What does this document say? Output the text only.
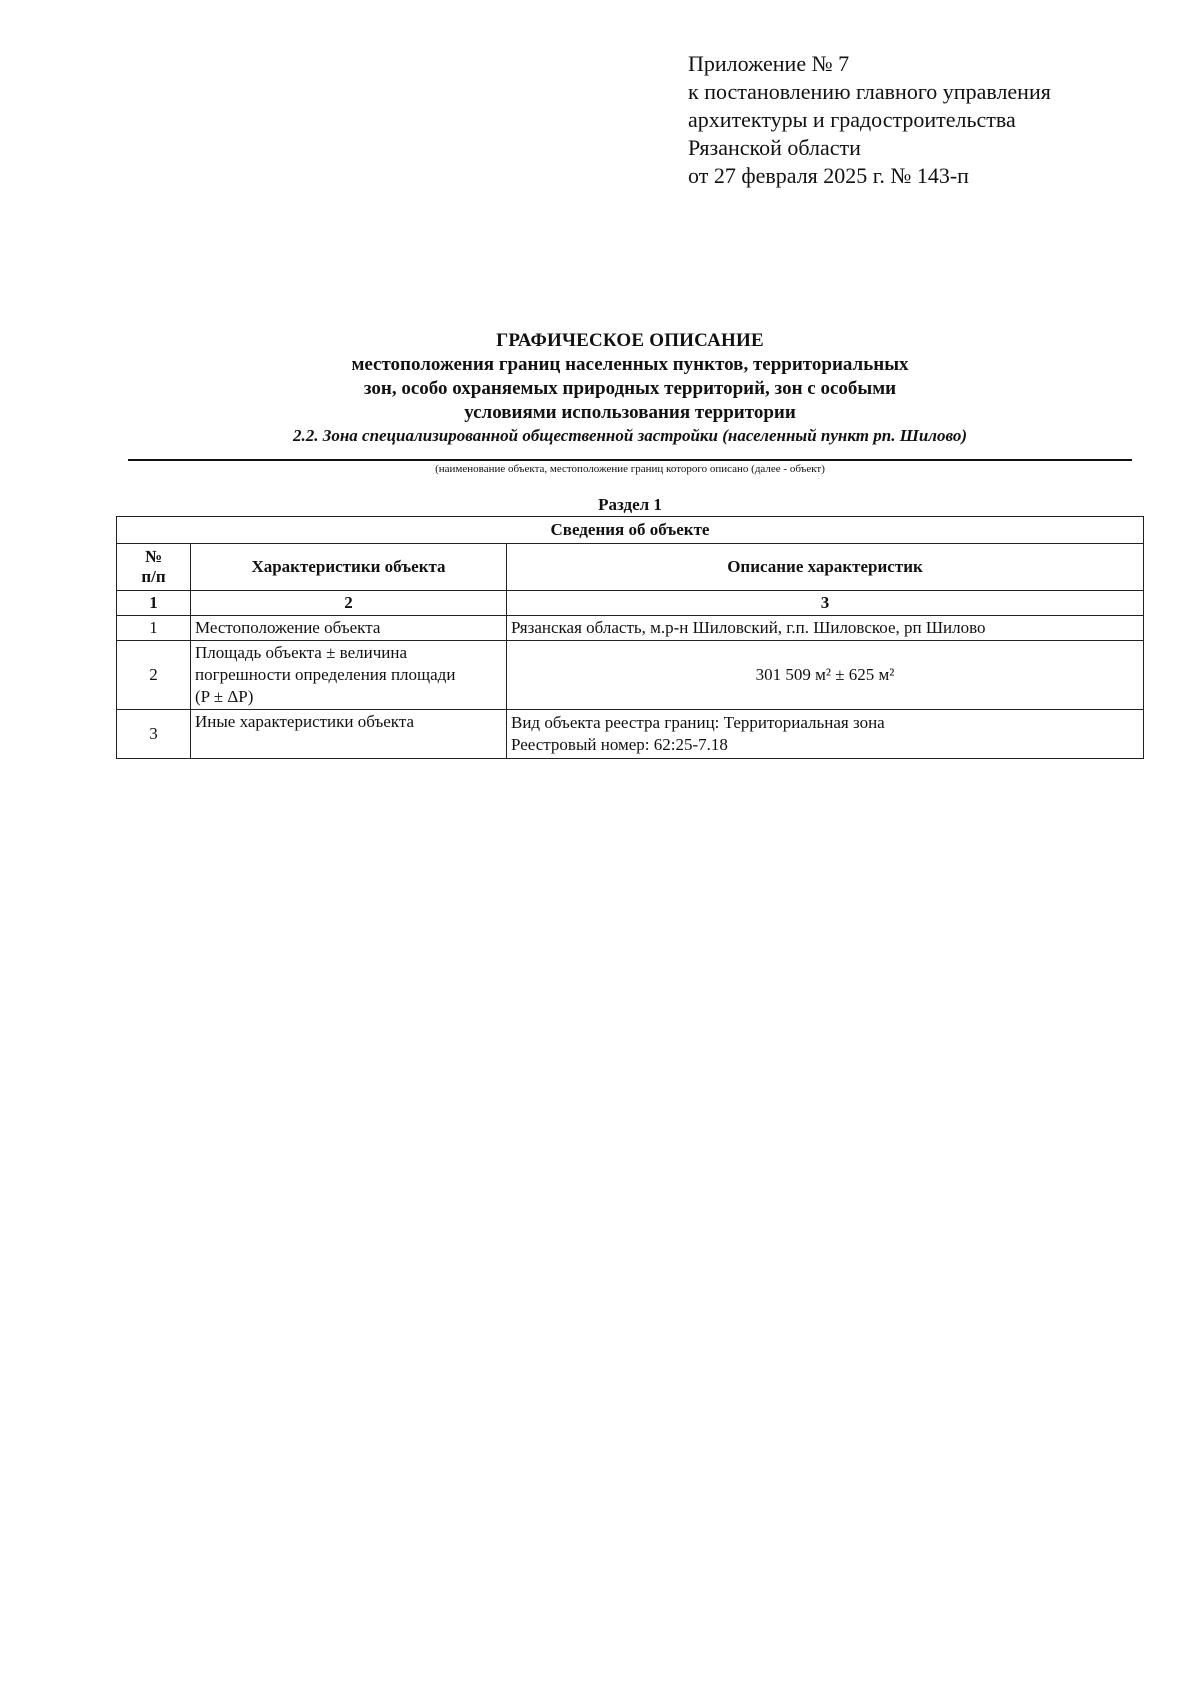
Приложение № 7
к постановлению главного управления
архитектуры и градостроительства
Рязанской области
от 27 февраля 2025 г. № 143-п
ГРАФИЧЕСКОЕ ОПИСАНИЕ
местоположения границ населенных пунктов, территориальных
зон, особо охраняемых природных территорий, зон с особыми
условиями использования территории
2.2. Зона специализированной общественной застройки (населенный пункт рп. Шилово)
(наименование объекта, местоположение границ которого описано (далее - объект)
Раздел 1
Сведения об объекте		

№
п/п	Характеристики объекта	Описание характеристик
1	2	3
1	Местоположение объекта	Рязанская область, м.р-н Шиловский, г.п. Шиловское, рп Шилово
2	Площадь объекта ± величина
погрешности определения площади
(P ± ΔP)	301 509 м² ± 625 м²
3	Иные характеристики объекта	Вид объекта реестра границ: Территориальная зона
Реестровый номер: 62:25-7.18
